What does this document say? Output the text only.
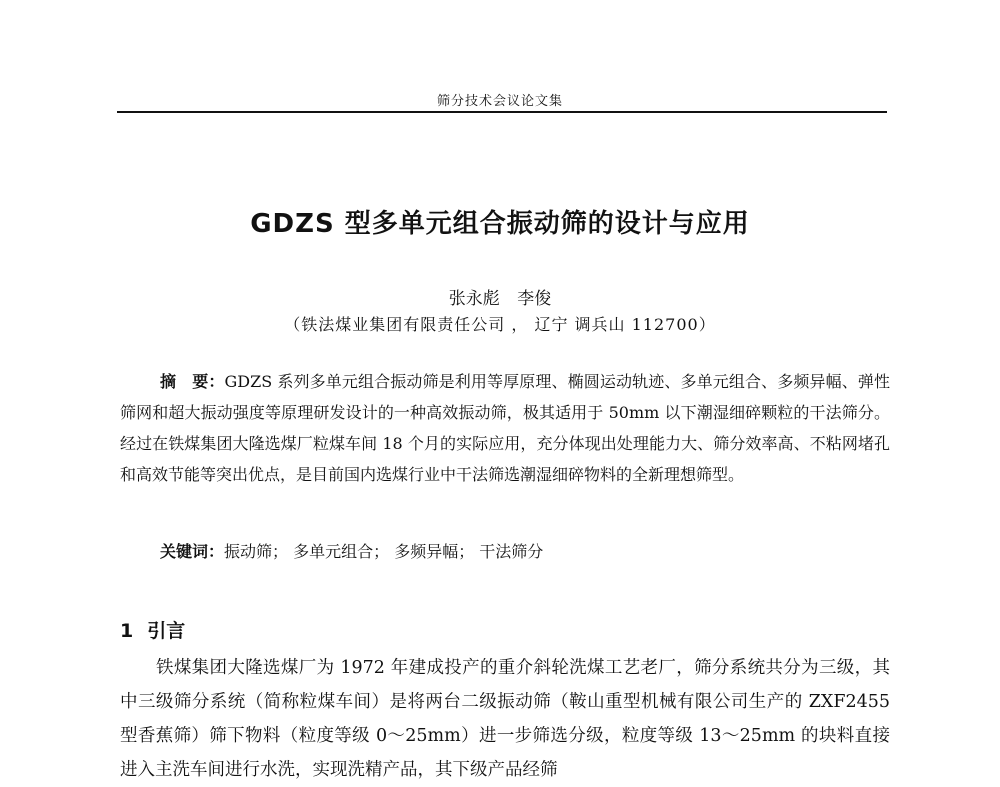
筛分技术会议论文集
GDZS 型多单元组合振动筛的设计与应用
张永彪 李俊
（铁法煤业集团有限责任公司 ， 辽宁 调兵山 112700）

摘　要：GDZS 系列多单元组合振动筛是利用等厚原理、椭圆运动轨迹、多单元组合、多频异幅、弹性筛网和超大振动强度等原理研发设计的一种高效振动筛，极其适用于 50mm 以下潮湿细碎颗粒的干法筛分。经过在铁煤集团大隆选煤厂粒煤车间 18 个月的实际应用，充分体现出处理能力大、筛分效率高、不粘网堵孔和高效节能等突出优点，是目前国内选煤行业中干法筛选潮湿细碎物料的全新理想筛型。

关键词：振动筛； 多单元组合； 多频异幅； 干法筛分

1 引言

铁煤集团大隆选煤厂为 1972 年建成投产的重介斜轮洗煤工艺老厂，筛分系统共分为三级，其中三级筛分系统（简称粒煤车间）是将两台二级振动筛（鞍山重型机械有限公司生产的 ZXF2455 型香蕉筛）筛下物料（粒度等级 0～25mm）进一步筛选分级，粒度等级 13～25mm 的块料直接进入主洗车间进行水洗，实现洗精产品，其下级产品经筛
